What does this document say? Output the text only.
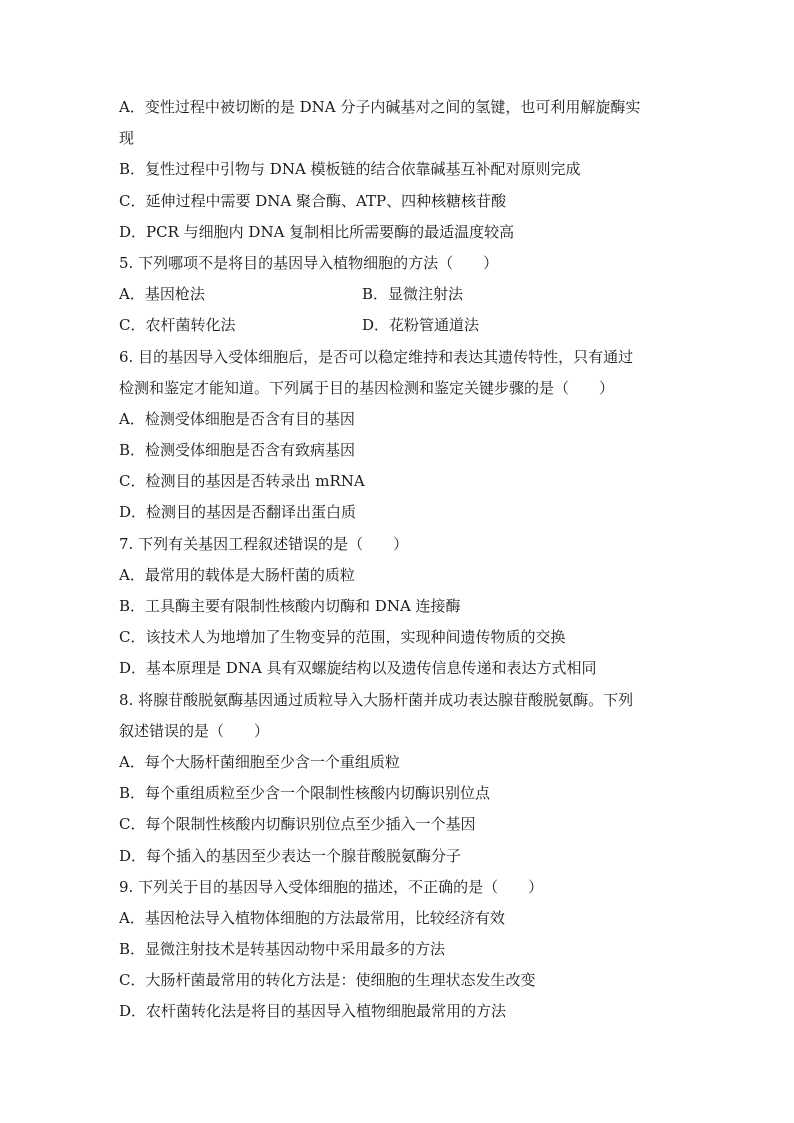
A．变性过程中被切断的是 DNA 分子内碱基对之间的氢键，也可利用解旋酶实
现
B．复性过程中引物与 DNA 模板链的结合依靠碱基互补配对原则完成
C．延伸过程中需要 DNA 聚合酶、ATP、四种核糖核苷酸
D．PCR 与细胞内 DNA 复制相比所需要酶的最适温度较高
5. 下列哪项不是将目的基因导入植物细胞的方法（　　）
A．基因枪法	B．显微注射法
C．农杆菌转化法	D．花粉管通道法
6. 目的基因导入受体细胞后，是否可以稳定维持和表达其遗传特性，只有通过
检测和鉴定才能知道。下列属于目的基因检测和鉴定关键步骤的是（　　）
A．检测受体细胞是否含有目的基因
B．检测受体细胞是否含有致病基因
C．检测目的基因是否转录出 mRNA
D．检测目的基因是否翻译出蛋白质
7. 下列有关基因工程叙述错误的是（　　）
A．最常用的载体是大肠杆菌的质粒
B．工具酶主要有限制性核酸内切酶和 DNA 连接酶
C．该技术人为地增加了生物变异的范围，实现种间遗传物质的交换
D．基本原理是 DNA 具有双螺旋结构以及遗传信息传递和表达方式相同
8. 将腺苷酸脱氨酶基因通过质粒导入大肠杆菌并成功表达腺苷酸脱氨酶。下列
叙述错误的是（　　）
A．每个大肠杆菌细胞至少含一个重组质粒
B．每个重组质粒至少含一个限制性核酸内切酶识别位点
C．每个限制性核酸内切酶识别位点至少插入一个基因
D．每个插入的基因至少表达一个腺苷酸脱氨酶分子
9. 下列关于目的基因导入受体细胞的描述，不正确的是（　　）
A．基因枪法导入植物体细胞的方法最常用，比较经济有效
B．显微注射技术是转基因动物中采用最多的方法
C．大肠杆菌最常用的转化方法是：使细胞的生理状态发生改变
D．农杆菌转化法是将目的基因导入植物细胞最常用的方法
